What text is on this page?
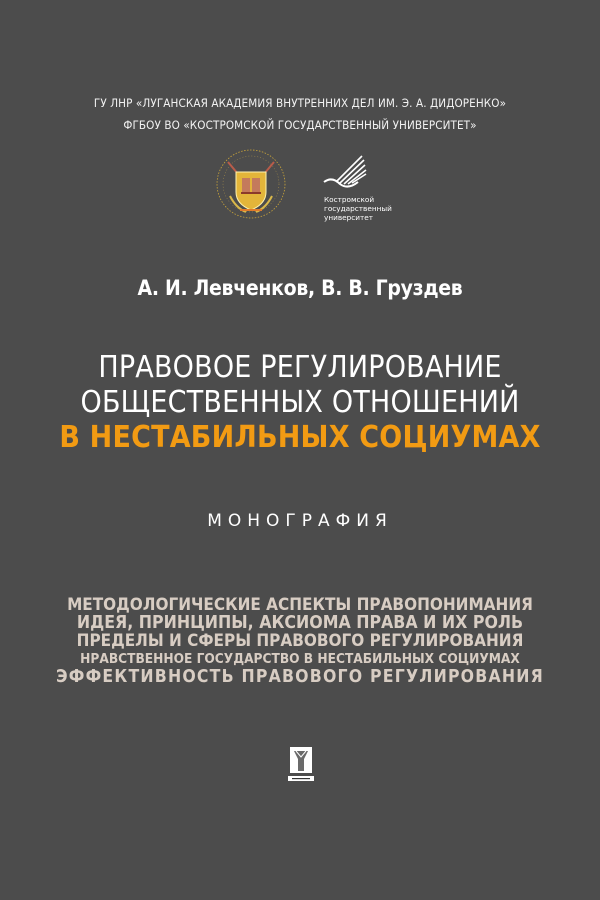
ГУ ЛНР «ЛУГАНСКАЯ АКАДЕМИЯ ВНУТРЕННИХ ДЕЛ ИМ. Э. А. ДИДОРЕНКО»
ФГБОУ ВО «КОСТРОМСКОЙ ГОСУДАРСТВЕННЫЙ УНИВЕРСИТЕТ»
Костромской
государственный
университет
А. И. Левченков, В. В. Груздев
ПРАВОВОЕ РЕГУЛИРОВАНИЕ
ОБЩЕСТВЕННЫХ ОТНОШЕНИЙ
В НЕСТАБИЛЬНЫХ СОЦИУМАХ
МОНОГРАФИЯ
МЕТОДОЛОГИЧЕСКИЕ АСПЕКТЫ ПРАВОПОНИМАНИЯ
ИДЕЯ, ПРИНЦИПЫ, АКСИОМА ПРАВА И ИХ РОЛЬ
ПРЕДЕЛЫ И СФЕРЫ ПРАВОВОГО РЕГУЛИРОВАНИЯ
НРАВСТВЕННОЕ ГОСУДАРСТВО В НЕСТАБИЛЬНЫХ СОЦИУМАХ
ЭФФЕКТИВНОСТЬ ПРАВОВОГО РЕГУЛИРОВАНИЯ
